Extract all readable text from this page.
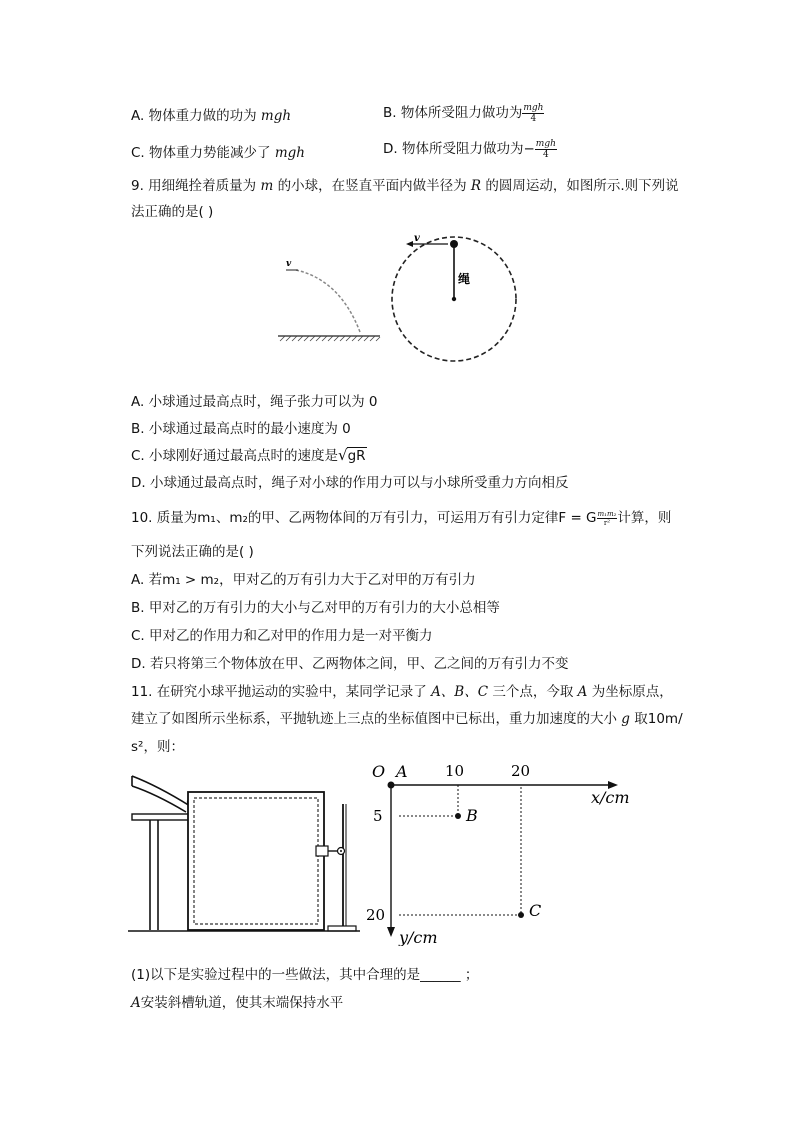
A. 物体重力做的功为 mgh	B. 物体所受阻力做功为 $\frac{\text{mgh}}{4}$
C. 物体重力势能减少了 mgh	D. 物体所受阻力做功为− $\frac{\text{mgh}}{4}$
9. 用细绳拴着质量为 m 的小球，在竖直平面内做半径为 R 的圆周运动，如图所示.则下列说
法正确的是( )
v
v
绳
A. 小球通过最高点时，绳子张力可以为 0
B. 小球通过最高点时的最小速度为 0
C. 小球刚好通过最高点时的速度是√gR
D. 小球通过最高点时，绳子对小球的作用力可以与小球所受重力方向相反
10. 质量为m₁、m₂的甲、乙两物体间的万有引力，可运用万有引力定律F = G $\frac{\text{m₁m₂}}{\text{r²}}$ 计算，则
下列说法正确的是( )
A. 若m₁ > m₂，甲对乙的万有引力大于乙对甲的万有引力
B. 甲对乙的万有引力的大小与乙对甲的万有引力的大小总相等
C. 甲对乙的作用力和乙对甲的作用力是一对平衡力
D. 若只将第三个物体放在甲、乙两物体之间，甲、乙之间的万有引力不变
11. 在研究小球平抛运动的实验中，某同学记录了 A、B、C 三个点，今取 A 为坐标原点，
建立了如图所示坐标系，平抛轨迹上三点的坐标值图中已标出，重力加速度的大小 g 取10m/
s²，则：
O A 10	20
5
20
B
C
x/cm
y/cm
(1)以下是实验过程中的一些做法，其中合理的是______ ；
A安装斜槽轨道，使其末端保持水平
